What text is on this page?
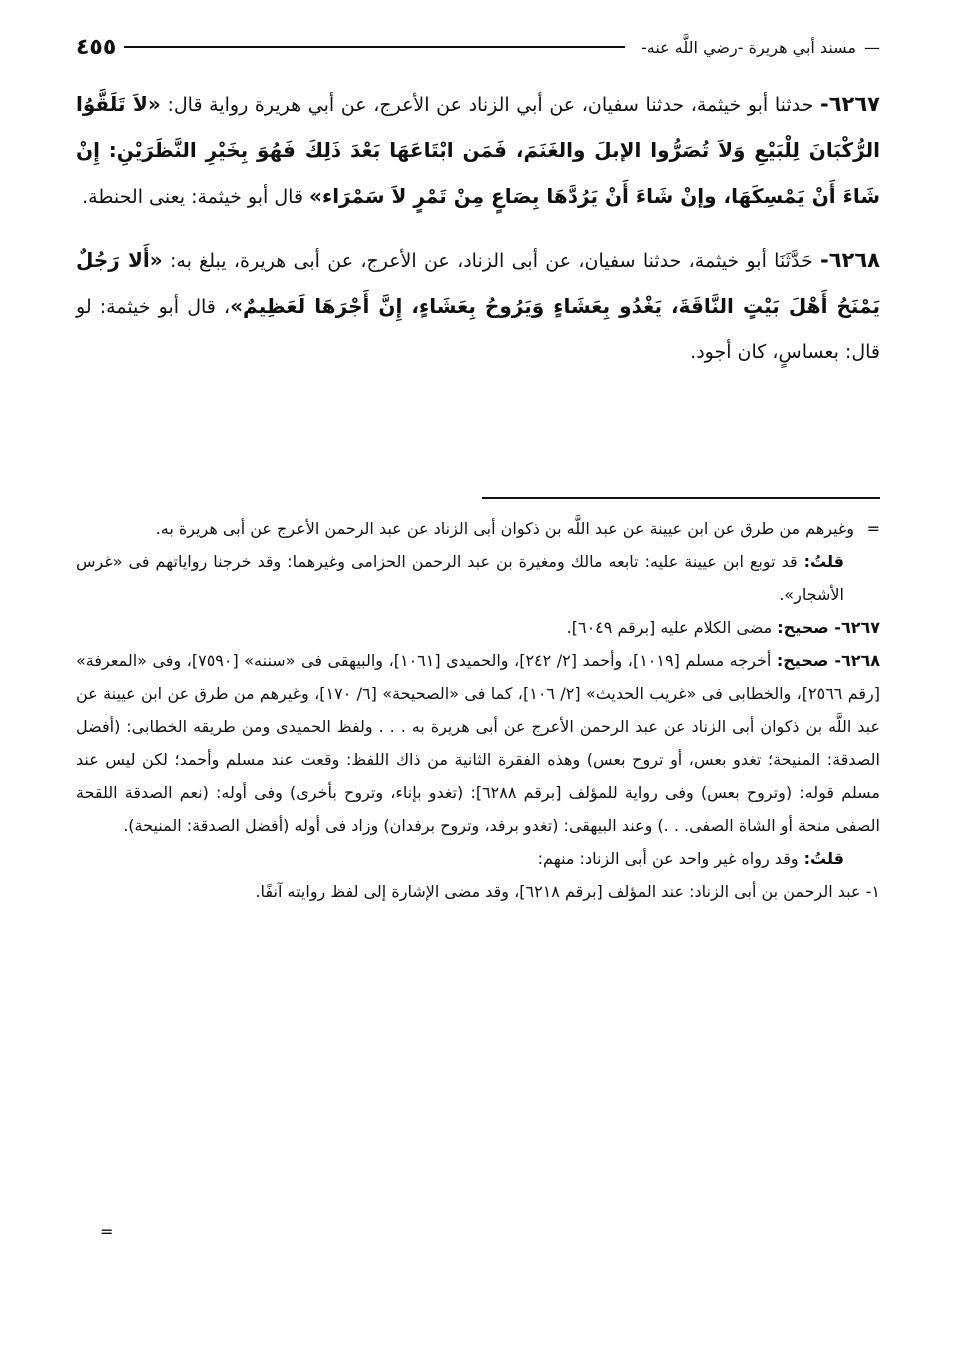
—
مسند أبي هريرة -رضي اللَّه عنه-
٤٥٥

٦٢٦٧- حدثنا أبو خيثمة، حدثنا سفيان، عن أبي الزناد عن الأعرج، عن أبي هريرة رواية قال: «لاَ تَلَقَّوُا الرُّكْبَانَ لِلْبَيْعِ وَلاَ تُصَرُّوا الإبلَ والغَنَمَ، فَمَن ابْتَاعَهَا بَعْدَ ذَلِكَ فَهُوَ بِخَيْرِ النَّظَرَيْنِ: إِنْ شَاءَ أَنْ يَمْسِكَهَا، وإنْ شَاءَ أَنْ يَرُدَّهَا بِصَاعٍ مِنْ تَمْرٍ لاَ سَمْرَاء» قال أبو خيثمة: يعنى الحنطة.

٦٢٦٨- حَدَّثَنَا أبو خيثمة، حدثنا سفيان، عن أبى الزناد، عن الأعرج، عن أبى هريرة، يبلغ به: «أَلا رَجُلٌ يَمْنَحُ أَهْلَ بَيْتٍ النَّاقَةَ، يَغْدُو بِعَشَاءٍ وَيَرُوحُ بِعَشَاءٍ، إِنَّ أَجْرَهَا لَعَظِيمٌ»، قال أبو خيثمة: لو قال: بعساسٍ، كان أجود.

=وغيرهم من طرق عن ابن عيينة عن عبد اللَّه بن ذكوان أبى الزناد عن عبد الرحمن الأعرج عن أبى هريرة به.

قلتُ: قد توبع ابن عيينة عليه: تابعه مالك ومغيرة بن عبد الرحمن الحزامى وغيرهما: وقد خرجنا رواياتهم فى «غرس الأشجار».

٦٢٦٧- صحيح: مضى الكلام عليه [برقم ٦٠٤٩].

٦٢٦٨- صحيح: أخرجه مسلم [١٠١٩]، وأحمد [٢/ ٢٤٢]، والحميدى [١٠٦١]، والبيهقى فى «سننه» [٧٥٩٠]، وفى «المعرفة» [رقم ٢٥٦٦]، والخطابى فى «غريب الحديث» [٢/ ١٠٦]، كما فى «الصحيحة» [٦/ ١٧٠]، وغيرهم من طرق عن ابن عيينة عن عبد اللَّه بن ذكوان أبى الزناد عن عبد الرحمن الأعرج عن أبى هريرة به . . . ولفظ الحميدى ومن طريقه الخطابى: (أفضل الصدقة: المنيحة؛ تغدو بعس، أو تروح بعس) وهذه الفقرة الثانية من ذاك اللفظ: وقعت عند مسلم وأحمد؛ لكن ليس عند مسلم قوله: (وتروح بعس) وفى رواية للمؤلف [برقم ٦٢٨٨]: (تغدو بإناء، وتروح بأخرى) وفى أوله: (نعم الصدقة اللقحة الصفى منحة أو الشاة الصفى. . .) وعند البيهقى: (تغدو برفد، وتروح برفدان) وزاد فى أوله (أفضل الصدقة: المنيحة).

قلتُ: وقد رواه غير واحد عن أبى الزناد: منهم:

١- عبد الرحمن بن أبى الزناد: عند المؤلف [برقم ٦٢١٨]، وقد مضى الإشارة إلى لفظ روايته آنفًا.

=
